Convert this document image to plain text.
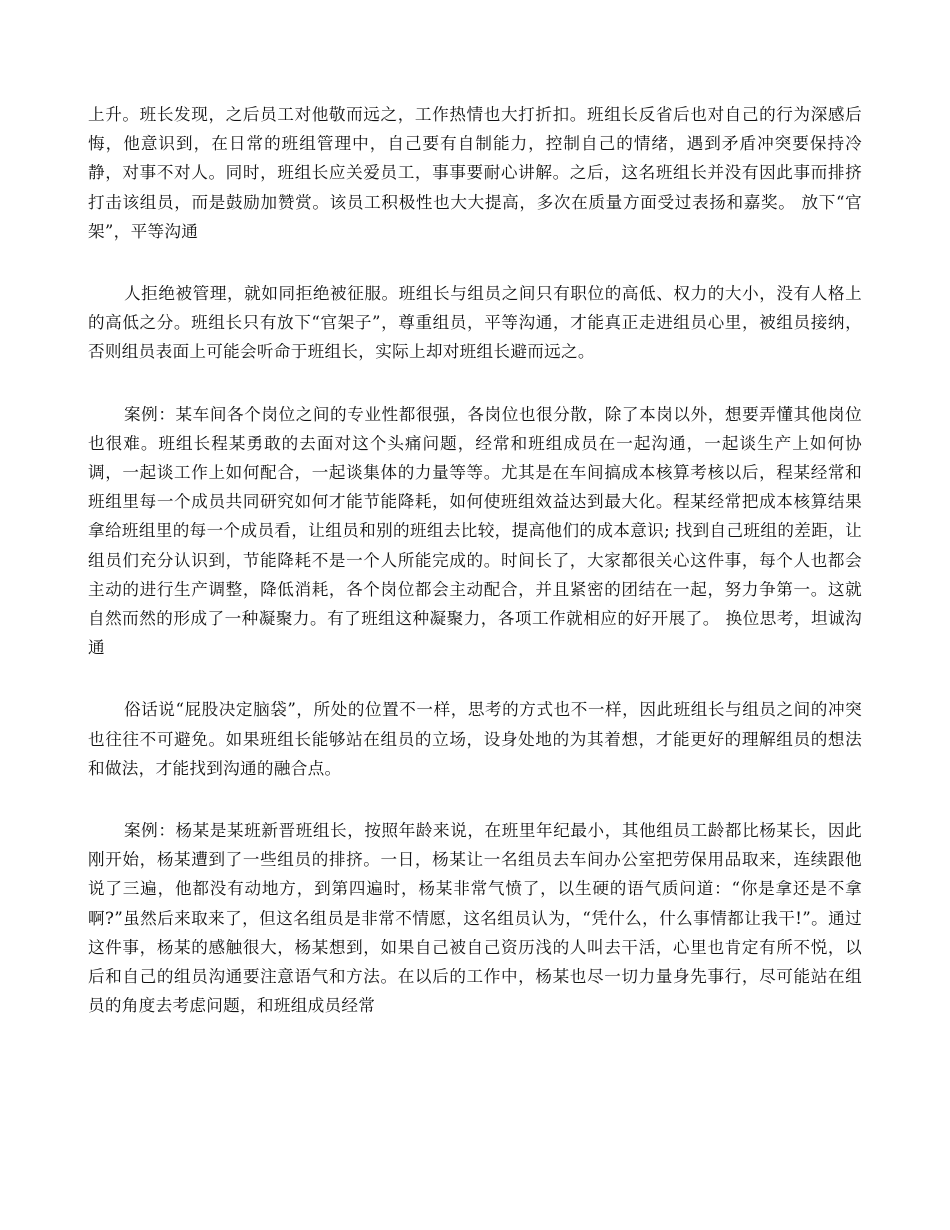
上升。班长发现，之后员工对他敬而远之，工作热情也大打折扣。班组长反省后也对自己的行为深感后悔，他意识到，在日常的班组管理中，自己要有自制能力，控制自己的情绪，遇到矛盾冲突要保持冷静，对事不对人。同时，班组长应关爱员工，事事要耐心讲解。之后，这名班组长并没有因此事而排挤打击该组员，而是鼓励加赞赏。该员工积极性也大大提高，多次在质量方面受过表扬和嘉奖。 放下“官架”，平等沟通

人拒绝被管理，就如同拒绝被征服。班组长与组员之间只有职位的高低、权力的大小，没有人格上的高低之分。班组长只有放下“官架子”，尊重组员，平等沟通，才能真正走进组员心里，被组员接纳，否则组员表面上可能会听命于班组长，实际上却对班组长避而远之。

案例：某车间各个岗位之间的专业性都很强，各岗位也很分散，除了本岗以外，想要弄懂其他岗位也很难。班组长程某勇敢的去面对这个头痛问题，经常和班组成员在一起沟通，一起谈生产上如何协调，一起谈工作上如何配合，一起谈集体的力量等等。尤其是在车间搞成本核算考核以后，程某经常和班组里每一个成员共同研究如何才能节能降耗，如何使班组效益达到最大化。程某经常把成本核算结果拿给班组里的每一个成员看，让组员和别的班组去比较，提高他们的成本意识; 找到自己班组的差距，让组员们充分认识到，节能降耗不是一个人所能完成的。时间长了，大家都很关心这件事，每个人也都会主动的进行生产调整，降低消耗，各个岗位都会主动配合，并且紧密的团结在一起，努力争第一。这就自然而然的形成了一种凝聚力。有了班组这种凝聚力，各项工作就相应的好开展了。 换位思考，坦诚沟通

俗话说“屁股决定脑袋”，所处的位置不一样，思考的方式也不一样，因此班组长与组员之间的冲突也往往不可避免。如果班组长能够站在组员的立场，设身处地的为其着想，才能更好的理解组员的想法和做法，才能找到沟通的融合点。

案例：杨某是某班新晋班组长，按照年龄来说，在班里年纪最小，其他组员工龄都比杨某长，因此刚开始，杨某遭到了一些组员的排挤。一日，杨某让一名组员去车间办公室把劳保用品取来，连续跟他说了三遍，他都没有动地方，到第四遍时，杨某非常气愤了，以生硬的语气质问道：“你是拿还是不拿啊?”虽然后来取来了，但这名组员是非常不情愿，这名组员认为，“凭什么，什么事情都让我干!”。通过这件事，杨某的感触很大，杨某想到，如果自己被自己资历浅的人叫去干活，心里也肯定有所不悦，以后和自己的组员沟通要注意语气和方法。在以后的工作中，杨某也尽一切力量身先事行，尽可能站在组员的角度去考虑问题，和班组成员经常
